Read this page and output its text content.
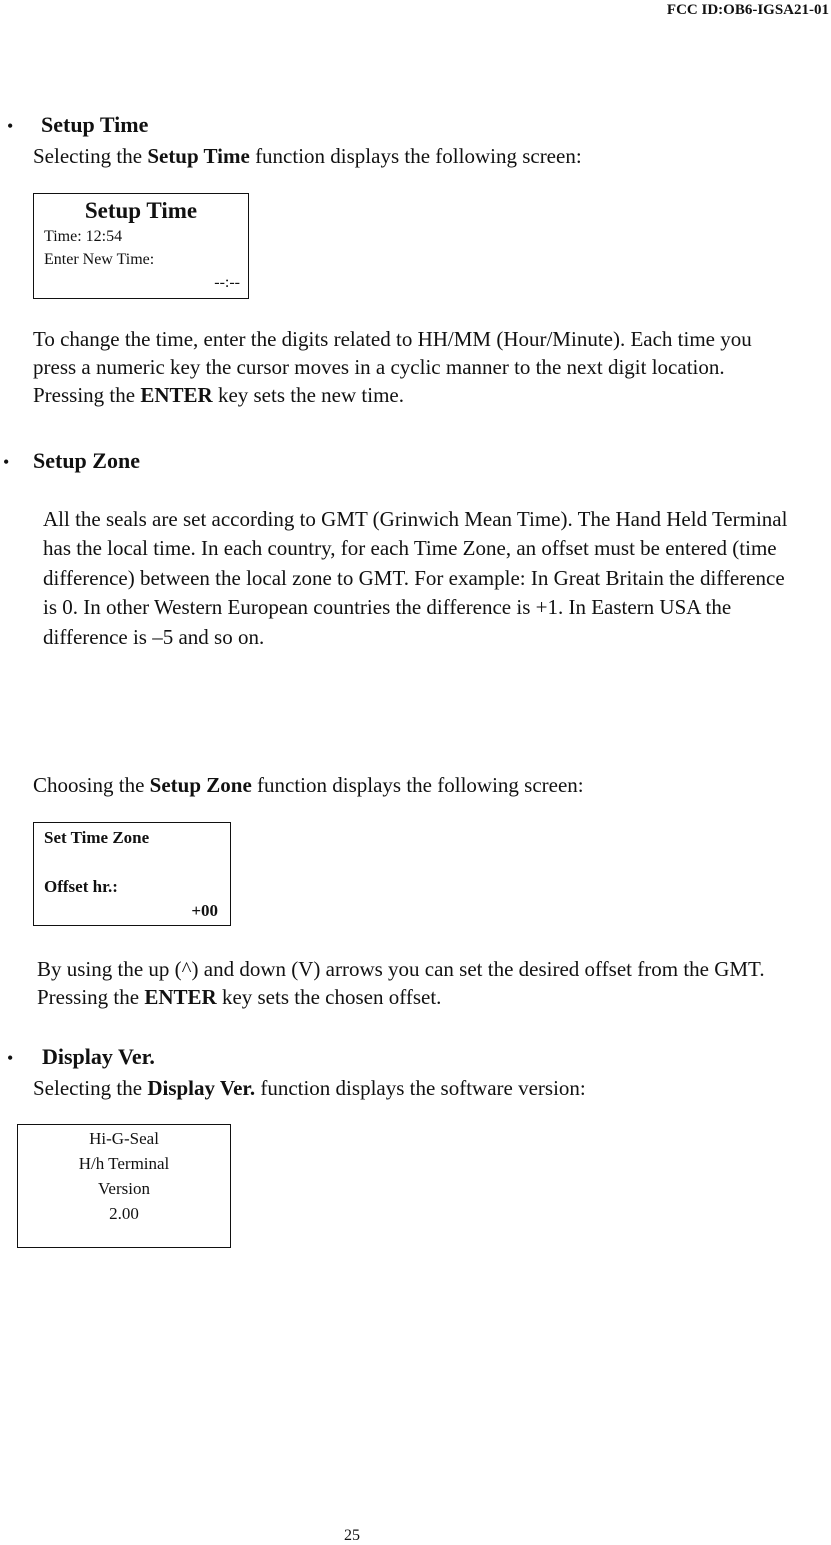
FCC ID:OB6-IGSA21-01
• Setup Time
Selecting the Setup Time function displays the following screen:
Setup Time
Time: 12:54
Enter New Time:
--:--
To change the time, enter the digits related to HH/MM (Hour/Minute). Each time you press a numeric key the cursor moves in a cyclic manner to the next digit location. Pressing the ENTER key sets the new time.
• Setup Zone
All the seals are set according to GMT (Grinwich Mean Time). The Hand Held Terminal has the local time. In each country, for each Time Zone, an offset must be entered (time difference) between the local zone to GMT. For example: In Great Britain the difference is 0. In other Western European countries the difference is +1. In Eastern USA the difference is –5 and so on.
Choosing the Setup Zone function displays the following screen:
Set Time Zone
Offset hr.:
+00
By using the up (^) and down (V) arrows you can set the desired offset from the GMT. Pressing the ENTER key sets the chosen offset.
• Display Ver.
Selecting the Display Ver. function displays the software version:
Hi-G-Seal
H/h Terminal
Version
2.00
25
